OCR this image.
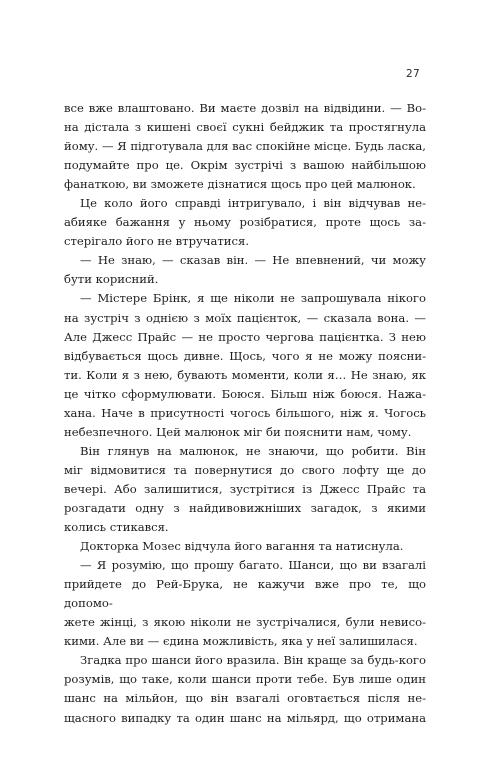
27

все вже влаштовано. Ви маєте дозвіл на відвідини. — Во-

на дістала з кишені своєї сукні бейджик та простягнула

йому. — Я підготувала для вас спокійне місце. Будь ласка,

подумайте про це. Окрім зустрічі з вашою найбільшою

фанаткою, ви зможете дізнатися щось про цей малюнок.

Це коло його справді інтригувало, і він відчував не-

абияке бажання у ньому розібратися, проте щось за-

стерігало його не втручатися.

— Не знаю, — сказав він. — Не впевнений, чи можу

бути корисний.

— Містере Брінк, я ще ніколи не запрошувала нікого

на зустріч з однією з моїх пацієнток, — сказала вона. —

Але Джесс Прайс — не просто чергова пацієнтка. З нею

відбувається щось дивне. Щось, чого я не можу поясни-

ти. Коли я з нею, бувають моменти, коли я… Не знаю, як

це чітко сформулювати. Боюся. Більш ніж боюся. Нажа-

хана. Наче в присутності чогось більшого, ніж я. Чогось

небезпечного. Цей малюнок міг би пояснити нам, чому.

Він глянув на малюнок, не знаючи, що робити. Він

міг відмовитися та повернутися до свого лофту ще до

вечері. Або залишитися, зустрітися із Джесс Прайс та

розгадати одну з найдивовижніших загадок, з якими

колись стикався.

Докторка Мозес відчула його вагання та натиснула.

— Я розумію, що прошу багато. Шанси, що ви взагалі

прийдете до Рей-Брука, не кажучи вже про те, що допомо-

жете жінці, з якою ніколи не зустрічалися, були невисо-

кими. Але ви — єдина можливість, яка у неї залишилася.

Згадка про шанси його вразила. Він краще за будь-кого

розумів, що таке, коли шанси проти тебе. Був лише один

шанс на мільйон, що він взагалі оговтається після не-

щасного випадку та один шанс на мільярд, що отримана
